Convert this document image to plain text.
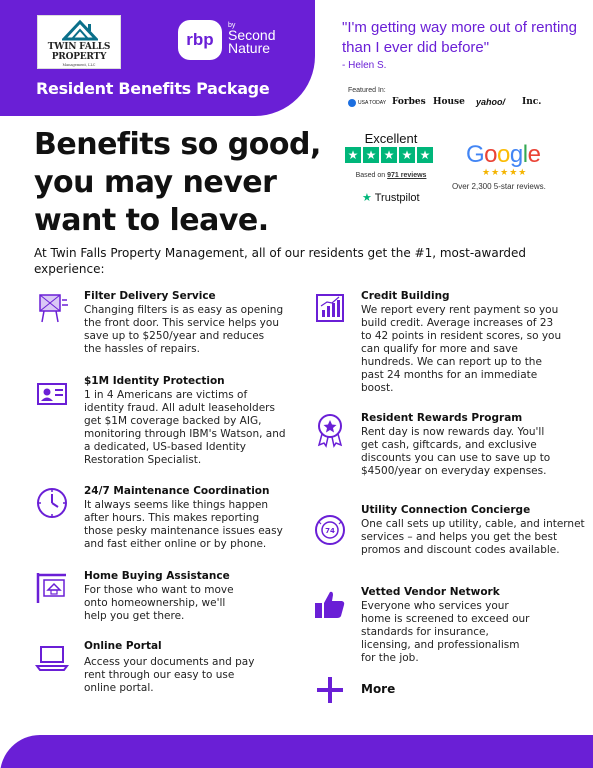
TWIN FALLS
PROPERTY
Management, LLC
rbp
by
Second Nature
Resident Benefits Package
"I'm getting way more out of renting than I ever did before"
- Helen S.
Featured In:
USA TODAY Forbes House yahoo/ Inc.
Benefits so good, you may never want to leave.
Excellent
★ ★ ★ ★ ★
Based on 971 reviews
★ Trustpilot
Google
★★★★★
Over 2,300 5-star reviews.
At Twin Falls Property Management, all of our residents get the #1, most-awarded experience:
Filter Delivery Service
Changing filters is as easy as opening the front door. This service helps you save up to $250/year and reduces the hassles of repairs.
$1M Identity Protection
1 in 4 Americans are victims of identity fraud. All adult leaseholders get $1M coverage backed by AIG, monitoring through IBM's Watson, and a dedicated, US-based Identity Restoration Specialist.
24/7 Maintenance Coordination
It always seems like things happen after hours. This makes reporting those pesky maintenance issues easy and fast either online or by phone.
Home Buying Assistance
For those who want to move onto homeownership, we'll help you get there.
Online Portal
Access your documents and pay rent through our easy to use online portal.
Credit Building
We report every rent payment so you build credit. Average increases of 23 to 42 points in resident scores, so you can qualify for more and save hundreds. We can report up to the past 24 months for an immediate boost.
Resident Rewards Program
Rent day is now rewards day. You'll get cash, giftcards, and exclusive discounts you can use to save up to $4500/year on everyday expenses.
74
Utility Connection Concierge
One call sets up utility, cable, and internet services – and helps you get the best promos and discount codes available.
Vetted Vendor Network
Everyone who services your home is screened to exceed our standards for insurance, licensing, and professionalism for the job.
More
